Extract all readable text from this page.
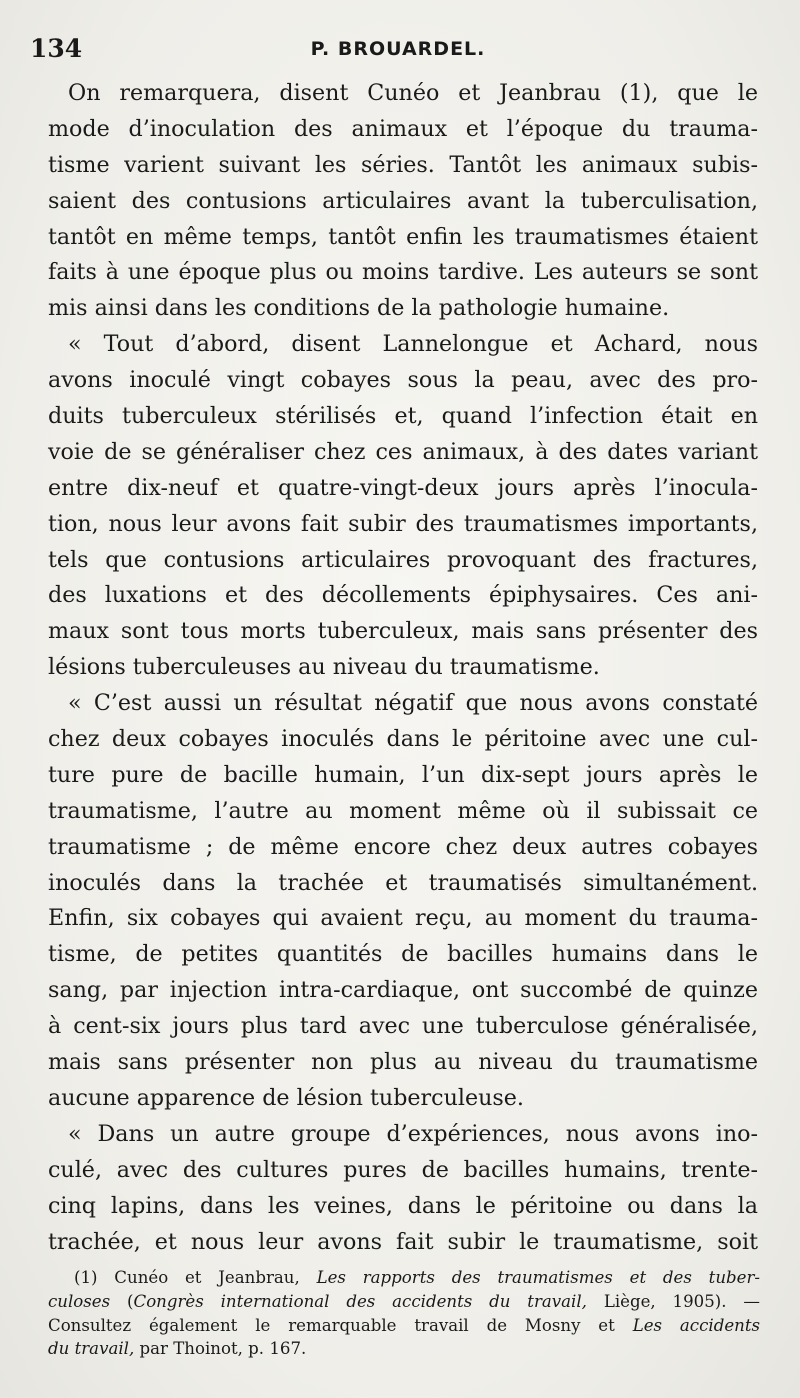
134	P. BROUARDEL.
On remarquera, disent Cunéo et Jeanbrau (1), que le
mode d’inoculation des animaux et l’époque du trauma-
tisme varient suivant les séries. Tantôt les animaux subis-
saient des contusions articulaires avant la tuberculisation,
tantôt en même temps, tantôt enfin les traumatismes étaient
faits à une époque plus ou moins tardive. Les auteurs se sont
mis ainsi dans les conditions de la pathologie humaine.
« Tout d’abord, disent Lannelongue et Achard, nous
avons inoculé vingt cobayes sous la peau, avec des pro-
duits tuberculeux stérilisés et, quand l’infection était en
voie de se généraliser chez ces animaux, à des dates variant
entre dix-neuf et quatre-vingt-deux jours après l’inocula-
tion, nous leur avons fait subir des traumatismes importants,
tels que contusions articulaires provoquant des fractures,
des luxations et des décollements épiphysaires. Ces ani-
maux sont tous morts tuberculeux, mais sans présenter des
lésions tuberculeuses au niveau du traumatisme.
« C’est aussi un résultat négatif que nous avons constaté
chez deux cobayes inoculés dans le péritoine avec une cul-
ture pure de bacille humain, l’un dix-sept jours après le
traumatisme, l’autre au moment même où il subissait ce
traumatisme ; de même encore chez deux autres cobayes
inoculés dans la trachée et traumatisés simultanément.
Enfin, six cobayes qui avaient reçu, au moment du trauma-
tisme, de petites quantités de bacilles humains dans le
sang, par injection intra-cardiaque, ont succombé de quinze
à cent-six jours plus tard avec une tuberculose généralisée,
mais sans présenter non plus au niveau du traumatisme
aucune apparence de lésion tuberculeuse.
« Dans un autre groupe d’expériences, nous avons ino-
culé, avec des cultures pures de bacilles humains, trente-
cinq lapins, dans les veines, dans le péritoine ou dans la
trachée, et nous leur avons fait subir le traumatisme, soit
(1) Cunéo et Jeanbrau, Les rapports des traumatismes et des tuber-
culoses (Congrès international des accidents du travail, Liège, 1905). —
Consultez également le remarquable travail de Mosny et Les accidents
du travail, par Thoinot, p. 167.
